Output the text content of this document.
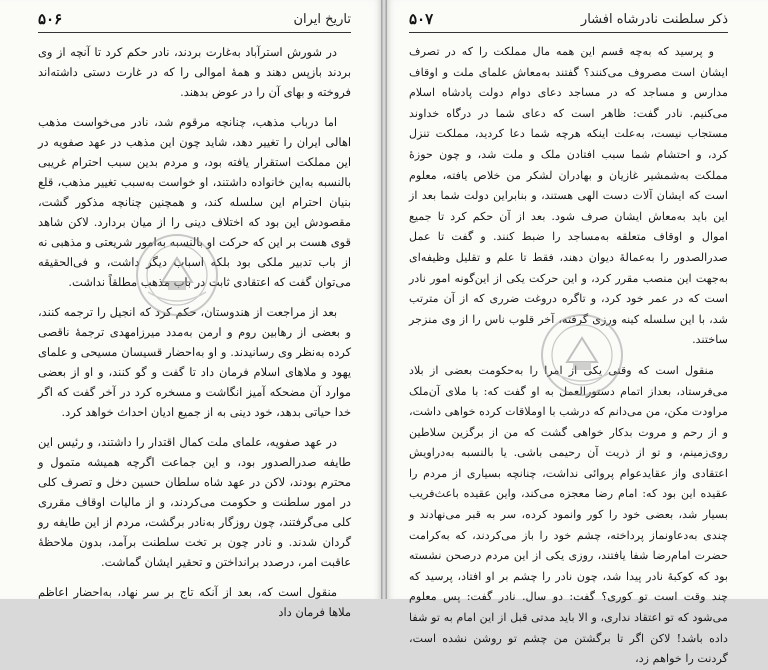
تاریخ ایران
۵۰۶

در شورش استرآباد به‌غارت بردند، نادر حکم کرد تا آنچه از وی بردند بازپس دهند و همهٔ اموالی را که در غارت دستی داشته‌اند فروخته و بهای آن را در عوض بدهند.

اما درباب مذهب، چنانچه مرقوم شد، نادر می‌خواست مذهب اهالی ایران را تغییر دهد، شاید چون این مذهب در عهد صفویه در این مملکت استقرار یافته بود، و مردم بدین سبب احترام غریبی بالنسبه به‌این خانواده داشتند، او خواست به‌سبب تغییر مذهب، قلع بنیان احترام این سلسله کند، و همچنین چنانچه مذکور گشت، مقصودش این بود که اختلاف دینی را از میان بردارد. لاکن شاهد قوی هست بر این که حرکت او بالنسبه به‌امور شریعتی و مذهبی نه از باب تدبیر ملکی بود بلکه اسباب دیگر داشت، و فی‌الحقیقه می‌توان گفت که اعتقادی ثابت در باب مذهب مطلقاً نداشت.

بعد از مراجعت از هندوستان، حکم کرد که انجیل را ترجمه کنند، و بعضی از رهابین روم و ارمن به‌مدد میرزامهدی ترجمهٔ ناقصی کرده به‌نظر وی رسانیدند. و او به‌احضار قسیسان مسیحی و علمای یهود و ملاهای اسلام فرمان داد تا گفت و گو کنند، و او از بعضی موارد آن مضحکه آمیز انگاشت و مسخره کرد در آخر گفت که اگر خدا حیاتی بدهد، خود دینی به از جمیع ادیان احداث خواهد کرد.

در عهد صفویه، علمای ملت کمال اقتدار را داشتند، و رئیس این طایفه صدرالصدور بود، و این جماعت اگرچه همیشه متمول و محترم بودند، لاکن در عهد شاه سلطان حسین دخل و تصرف کلی در امور سلطنت و حکومت می‌کردند، و از مالیات اوقاف مقرری کلی می‌گرفتند، چون روزگار به‌نادر برگشت، مردم از این طایفه رو گردان شدند. و نادر چون بر تخت سلطنت برآمد، بدون ملاحظهٔ عاقبت امر، درصدد برانداختن و تحقیر ایشان گماشت.

منقول است که، بعد از آنکه تاج بر سر نهاد، به‌احضار اعاظم ملاها فرمان داد

ذکر سلطنت نادرشاه افشار
۵۰۷

و پرسید که به‌چه قسم این همه مال مملکت را که در تصرف ایشان است مصروف می‌کنند؟ گفتند به‌معاش علمای ملت و اوقاف مدارس و مساجد که در مساجد دعای دوام دولت پادشاه اسلام می‌کنیم. نادر گفت: ظاهر است که دعای شما در درگاه خداوند مستجاب نیست، به‌علت اینکه هرچه شما دعا کردید، مملکت تنزل کرد، و احتشام شما سبب افتادن ملک و ملت شد، و چون حوزهٔ مملکت به‌شمشیر غازیان و بهادران لشکر من خلاص یافته، معلوم است که ایشان آلات دست الهی هستند، و بنابراین دولت شما بعد از این باید به‌معاش ایشان صرف شود. بعد از آن حکم کرد تا جمیع اموال و اوقاف متعلقه به‌مساجد را ضبط کنند. و گفت تا عمل صدرالصدور را به‌عمالهٔ دیوان دهند، فقط تا علم و تقلیل وظیفه‌ای به‌جهت این منصب مقرر کرد، و این حرکت یکی از این‌گونه امور نادر است که در عمر خود کرد، و تاگره دروغت ضرری که از آن مترتب شد، با این سلسله کینه ورزی گرفته، آخر قلوب ناس را از وی منزجر ساختند.

منقول است که وقتی یکی از امرا را به‌حکومت بعضی از بلاد می‌فرستاد، بعداز اتمام دستورالعمل به او گفت که: با ملای آن‌ملک مراودت مکن، من می‌دانم که درشب با اوملاقات کرده خواهی داشت، و از رحم و مروت بدکار خواهی گشت که من از برگزین سلاطین روی‌زمینم، و تو از ذریت آن رحیمی باشی. یا بالنسبه به‌دراویش اعتقادی واز عقایدعوام پروائی نداشت، چنانچه بسیاری از مردم را عقیده این بود که: امام رضا معجزه می‌کند، واین عقیده باعث‌فریب بسیار شد، بعضی خود را کور وانمود کرده، سر به قبر می‌نهادند و چندی به‌دعاونماز پرداخته، چشم خود را باز می‌کردند، که به‌کرامت حضرت امام‌رضا شفا یافتند، روزی یکی از این مردم درصحن نشسته بود که کوکبهٔ نادر پیدا شد، چون نادر را چشم بر او افتاد، پرسید که چند وقت است تو کوری؟ گفت: دو سال. نادر گفت: پس معلوم می‌شود که تو اعتقاد نداری، و الا باید مدتی قبل از این امام به تو شفا داده باشد! لاکن اگر تا برگشتن من چشم تو روشن نشده است، گردنت را خواهم زد،
